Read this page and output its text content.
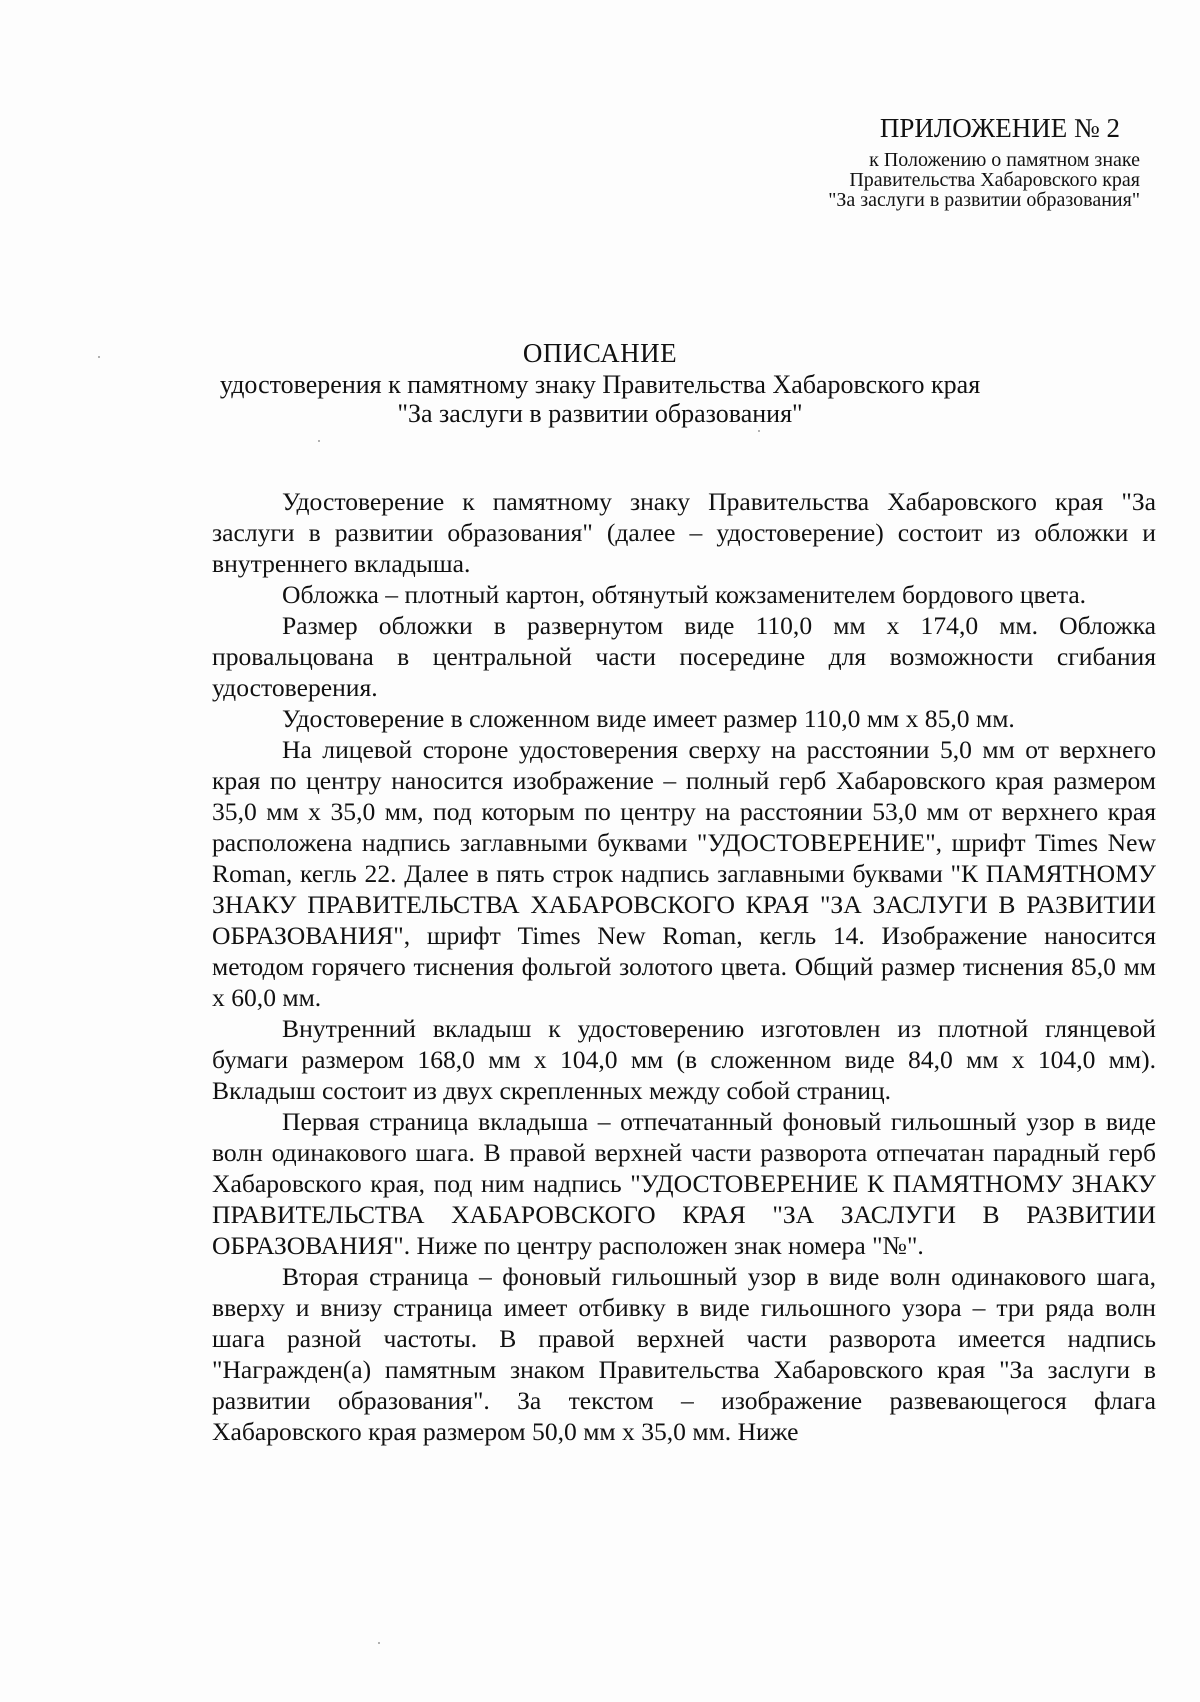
ПРИЛОЖЕНИЕ № 2
к Положению о памятном знаке
Правительства Хабаровского края
"За заслуги в развитии образования"
ОПИСАНИЕ
удостоверения к памятному знаку Правительства Хабаровского края
"За заслуги в развитии образования"

Удостоверение к памятному знаку Правительства Хабаровского края "За заслуги в развитии образования" (далее – удостоверение) состоит из обложки и внутреннего вкладыша.

Обложка – плотный картон, обтянутый кожзаменителем бордового цвета.

Размер обложки в развернутом виде 110,0 мм х 174,0 мм. Обложка провальцована в центральной части посередине для возможности сгибания удостоверения.

Удостоверение в сложенном виде имеет размер 110,0 мм х 85,0 мм.

На лицевой стороне удостоверения сверху на расстоянии 5,0 мм от верхнего края по центру наносится изображение – полный герб Хабаровского края размером 35,0 мм х 35,0 мм, под которым по центру на расстоянии 53,0 мм от верхнего края расположена надпись заглавными буквами "УДОСТОВЕРЕНИЕ", шрифт Times New Roman, кегль 22. Далее в пять строк надпись заглавными буквами "К ПАМЯТНОМУ ЗНАКУ ПРАВИТЕЛЬСТВА ХАБАРОВСКОГО КРАЯ "ЗА ЗАСЛУГИ В РАЗВИТИИ ОБРАЗОВАНИЯ", шрифт Times New Roman, кегль 14. Изображение наносится методом горячего тиснения фольгой золотого цвета. Общий размер тиснения 85,0 мм х 60,0 мм.

Внутренний вкладыш к удостоверению изготовлен из плотной глянцевой бумаги размером 168,0 мм х 104,0 мм (в сложенном виде 84,0 мм х 104,0 мм). Вкладыш состоит из двух скрепленных между собой страниц.

Первая страница вкладыша – отпечатанный фоновый гильошный узор в виде волн одинакового шага. В правой верхней части разворота отпечатан парадный герб Хабаровского края, под ним надпись "УДОСТОВЕРЕНИЕ К ПАМЯТНОМУ ЗНАКУ ПРАВИТЕЛЬСТВА ХАБАРОВСКОГО КРАЯ "ЗА ЗАСЛУГИ В РАЗВИТИИ ОБРАЗОВАНИЯ". Ниже по центру расположен знак номера "№".

Вторая страница – фоновый гильошный узор в виде волн одинакового шага, вверху и внизу страница имеет отбивку в виде гильошного узора – три ряда волн шага разной частоты. В правой верхней части разворота имеется надпись "Награжден(а) памятным знаком Правительства Хабаровского края "За заслуги в развитии образования". За текстом – изображение развевающегося флага Хабаровского края размером 50,0 мм х 35,0 мм. Ниже
